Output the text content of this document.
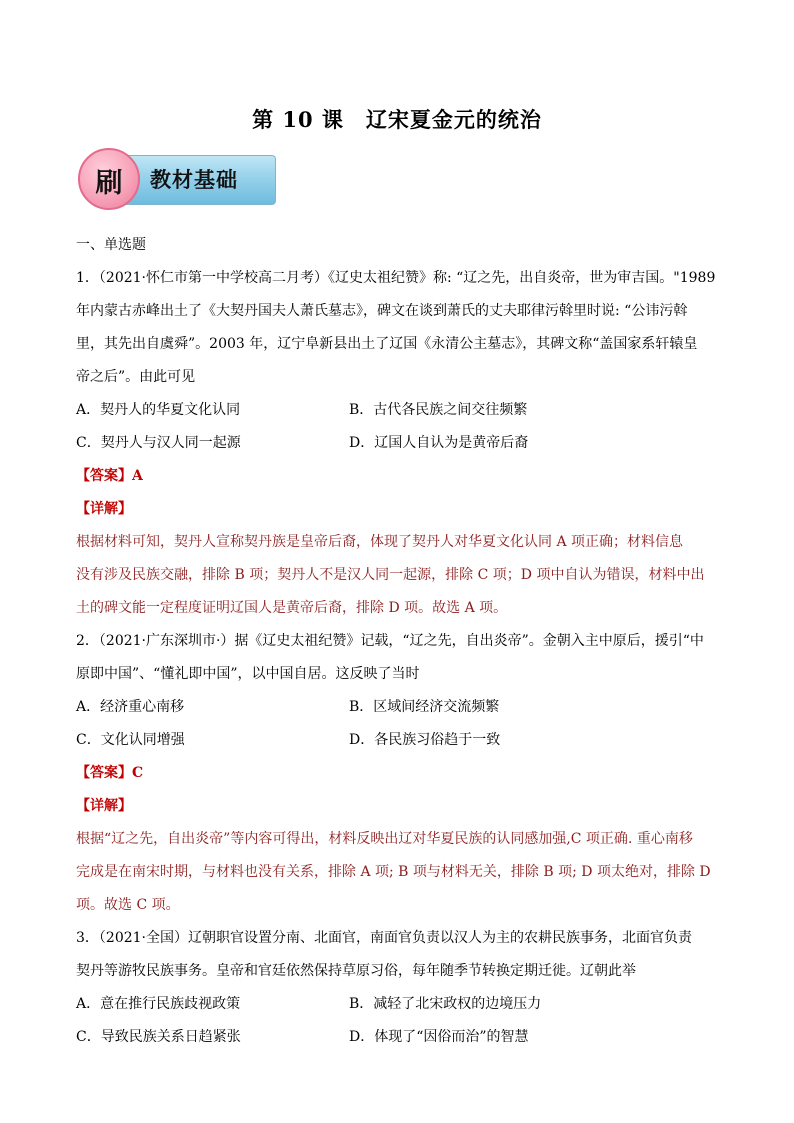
第 10 课　辽宋夏金元的统治
教材基础
刷

一、单选题

1．（2021·怀仁市第一中学校高二月考）《辽史太祖纪赞》称: “辽之先，出自炎帝，世为审吉国。"1989

年内蒙古赤峰出土了《大契丹国夫人萧氏墓志》，碑文在谈到萧氏的丈夫耶律污斡里时说: “公讳污斡

里，其先出自虞舜”。2003 年，辽宁阜新县出土了辽国《永清公主墓志》，其碑文称“盖国家系轩辕皇

帝之后”。由此可见

A．契丹人的华夏文化认同	B．古代各民族之间交往频繁
C．契丹人与汉人同一起源	D．辽国人自认为是黄帝后裔

【答案】A

【详解】

根据材料可知，契丹人宣称契丹族是皇帝后裔，体现了契丹人对华夏文化认同 A 项正确；材料信息

没有涉及民族交融，排除 B 项；契丹人不是汉人同一起源，排除 C 项；D 项中自认为错误，材料中出

土的碑文能一定程度证明辽国人是黄帝后裔，排除 D 项。故选 A 项。

2．（2021·广东深圳市·）据《辽史太祖纪赞》记载，“辽之先，自出炎帝”。金朝入主中原后，援引“中

原即中国”、“懂礼即中国”，以中国自居。这反映了当时

A．经济重心南移	B．区域间经济交流频繁
C．文化认同增强	D．各民族习俗趋于一致

【答案】C

【详解】

根据“辽之先，自出炎帝”等内容可得出，材料反映出辽对华夏民族的认同感加强,C 项正确. 重心南移

完成是在南宋时期，与材料也没有关系，排除 A 项; B 项与材料无关，排除 B 项; D 项太绝对，排除 D

项。故选 C 项。

3．（2021·全国）辽朝职官设置分南、北面官，南面官负责以汉人为主的农耕民族事务，北面官负责

契丹等游牧民族事务。皇帝和官廷依然保持草原习俗，每年随季节转换定期迁徙。辽朝此举

A．意在推行民族歧视政策	B．减轻了北宋政权的边境压力
C．导致民族关系日趋紧张	D．体现了“因俗而治”的智慧
